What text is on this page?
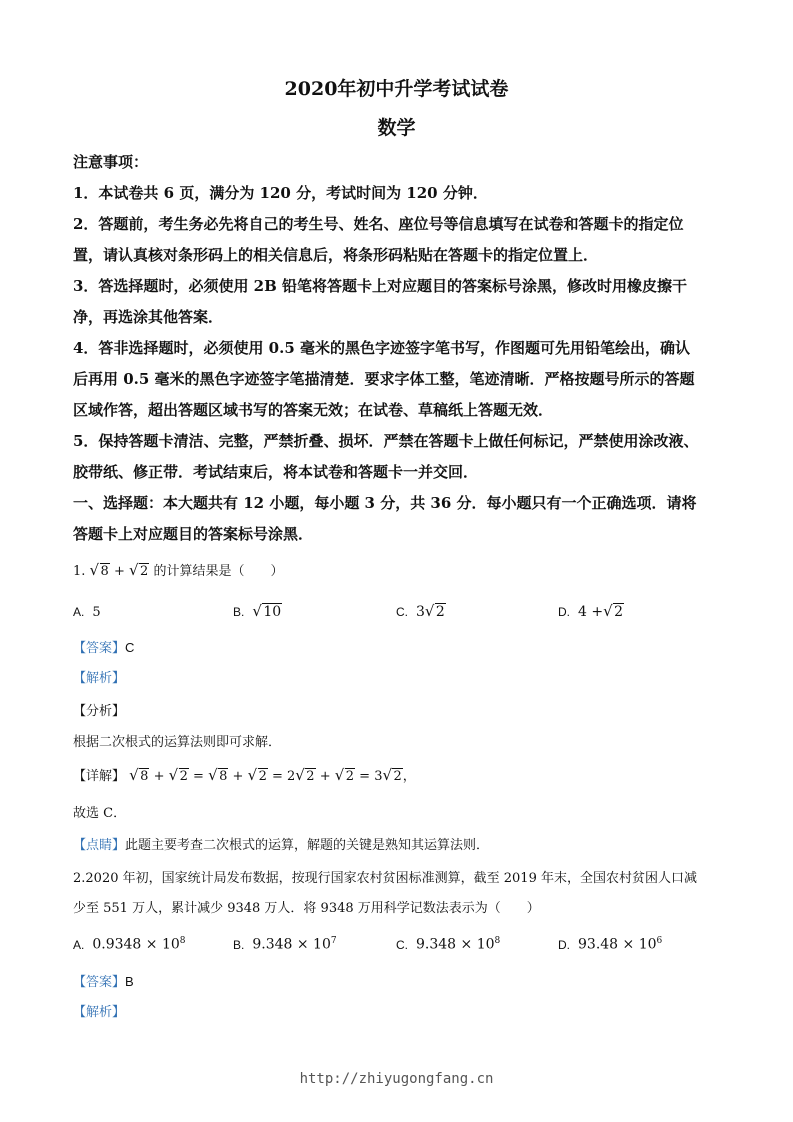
2020年初中升学考试试卷
数学
注意事项：
1．本试卷共 6 页，满分为 120 分，考试时间为 120 分钟．
2．答题前，考生务必先将自己的考生号、姓名、座位号等信息填写在试卷和答题卡的指定位
置，请认真核对条形码上的相关信息后，将条形码粘贴在答题卡的指定位置上．
3．答选择题时，必须使用 2B 铅笔将答题卡上对应题目的答案标号涂黑，修改时用橡皮擦干
净，再选涂其他答案．
4．答非选择题时，必须使用 0.5 毫米的黑色字迹签字笔书写，作图题可先用铅笔绘出，确认
后再用 0.5 毫米的黑色字迹签字笔描清楚．要求字体工整，笔迹清晰．严格按题号所示的答题
区域作答，超出答题区域书写的答案无效；在试卷、草稿纸上答题无效．
5．保持答题卡清洁、完整，严禁折叠、损坏．严禁在答题卡上做任何标记，严禁使用涂改液、
胶带纸、修正带．考试结束后，将本试卷和答题卡一并交回．
一、选择题：本大题共有 12 小题，每小题 3 分，共 36 分．每小题只有一个正确选项．请将
答题卡上对应题目的答案标号涂黑．
1. √ 8 + √ 2 的计算结果是（　　）
A. 5	B. √ 10	C. 3 √ 2	D. 4 + √ 2
【答案】C
【解析】
【分析】
根据二次根式的运算法则即可求解．
【详解】 √ 8 + √ 2 = √ 8 + √ 2 = 2 √ 2 + √ 2 = 3 √ 2，
故选 C．
【点睛】此题主要考查二次根式的运算，解题的关键是熟知其运算法则．
2.2020 年初，国家统计局发布数据，按现行国家农村贫困标准测算，截至 2019 年末，全国农村贫困人口减
少至 551 万人，累计减少 9348 万人．将 9348 万用科学记数法表示为（　　）
A. $0.9348 \times 10^8$	B. $9.348 \times 10^7$	C. $9.348 \times 10^8$	D. $93.48 \times 10^6$
【答案】B
【解析】
http://zhiyugongfang.cn
